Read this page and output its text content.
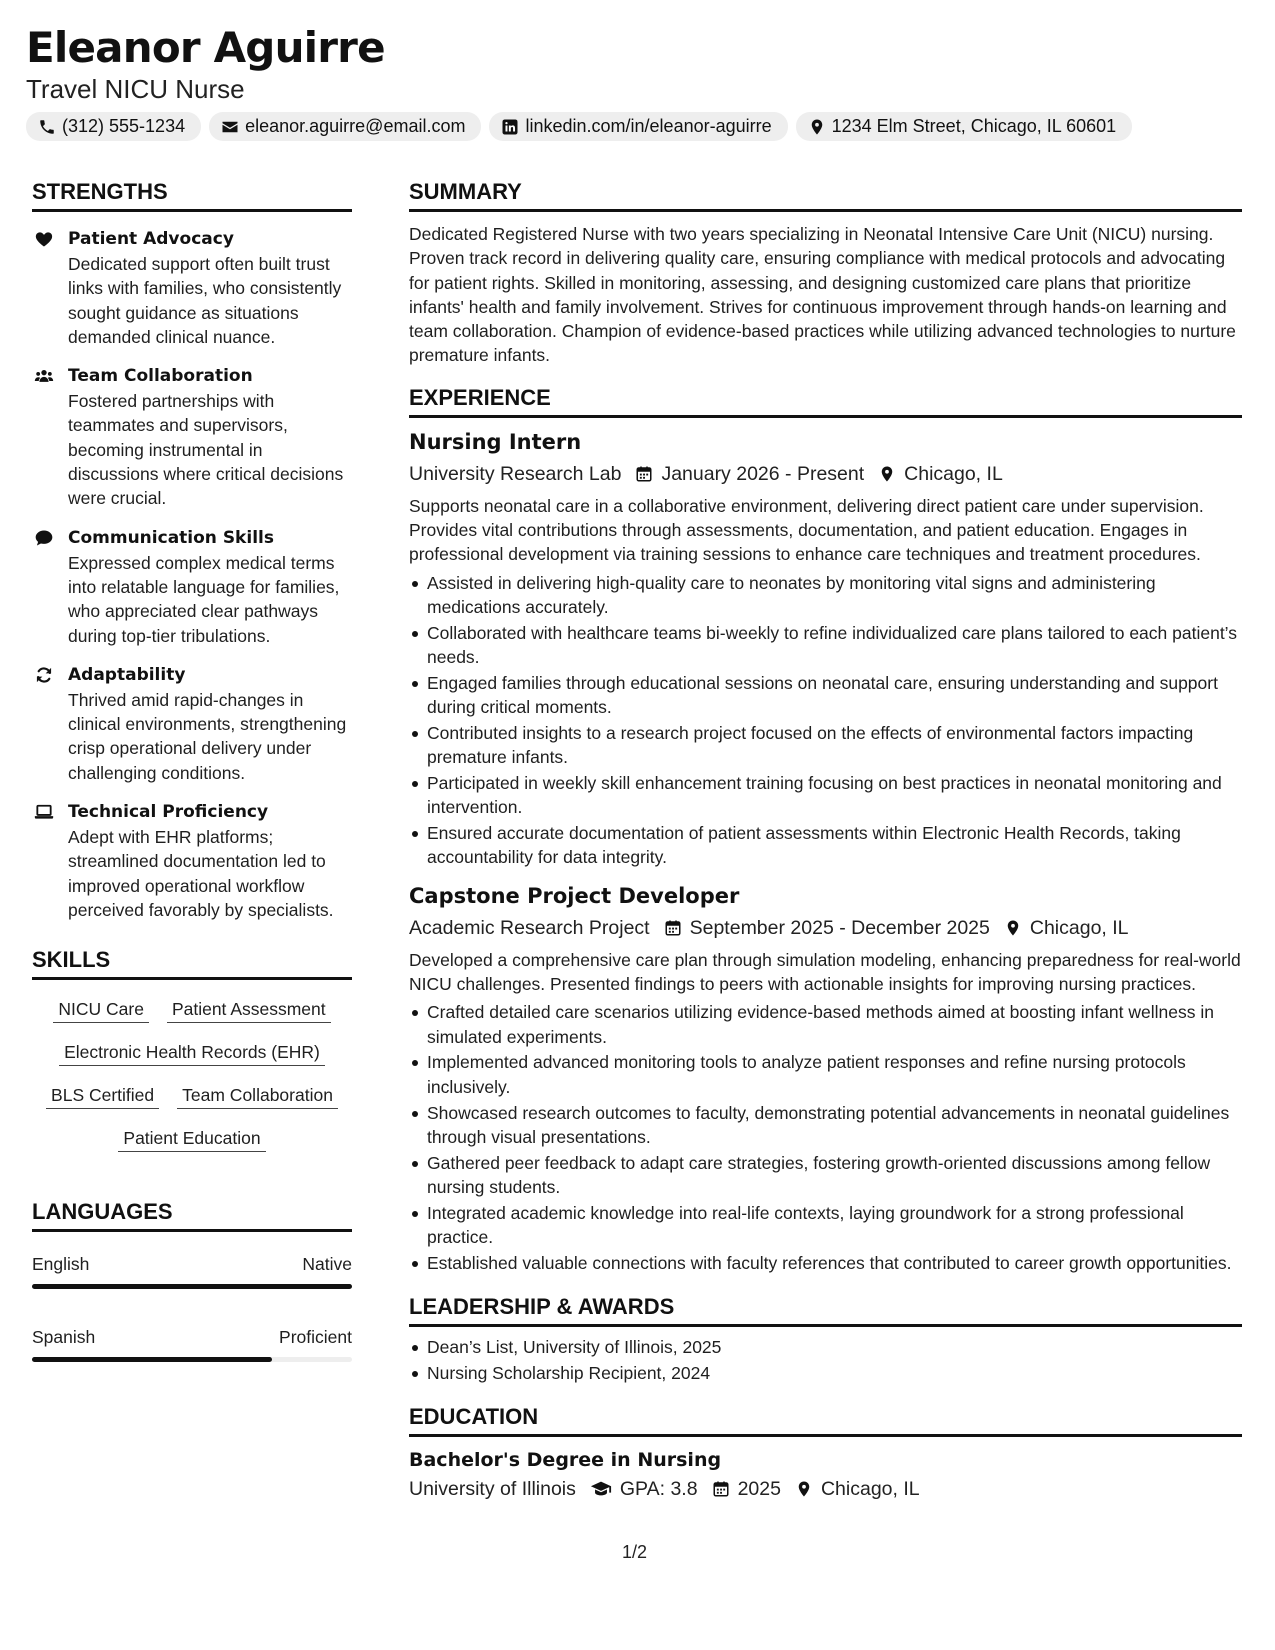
Eleanor Aguirre
Travel NICU Nurse
(312) 555-1234	eleanor.aguirre@email.com	linkedin.com/in/eleanor-aguirre	1234 Elm Street, Chicago, IL 60601
STRENGTHS
Patient Advocacy
Dedicated support often built trust links with families, who consistently sought guidance as situations demanded clinical nuance.
Team Collaboration
Fostered partnerships with teammates and supervisors, becoming instrumental in discussions where critical decisions were crucial.
Communication Skills
Expressed complex medical terms into relatable language for families, who appreciated clear pathways during top-tier tribulations.
Adaptability
Thrived amid rapid-changes in clinical environments, strengthening crisp operational delivery under challenging conditions.
Technical Proficiency
Adept with EHR platforms; streamlined documentation led to improved operational workflow perceived favorably by specialists.
SKILLS
NICU Care Patient Assessment
Electronic Health Records (EHR)
BLS Certified Team Collaboration
Patient Education
LANGUAGES
English	Native
Spanish	Proficient
SUMMARY
Dedicated Registered Nurse with two years specializing in Neonatal Intensive Care Unit (NICU) nursing. Proven track record in delivering quality care, ensuring compliance with medical protocols and advocating for patient rights. Skilled in monitoring, assessing, and designing customized care plans that prioritize infants' health and family involvement. Strives for continuous improvement through hands-on learning and team collaboration. Champion of evidence-based practices while utilizing advanced technologies to nurture premature infants.
EXPERIENCE
Nursing Intern
University Research Lab January 2026 - Present Chicago, IL
Supports neonatal care in a collaborative environment, delivering direct patient care under supervision. Provides vital contributions through assessments, documentation, and patient education. Engages in professional development via training sessions to enhance care techniques and treatment procedures.
Assisted in delivering high-quality care to neonates by monitoring vital signs and administering medications accurately.
Collaborated with healthcare teams bi-weekly to refine individualized care plans tailored to each patient’s needs.
Engaged families through educational sessions on neonatal care, ensuring understanding and support during critical moments.
Contributed insights to a research project focused on the effects of environmental factors impacting premature infants.
Participated in weekly skill enhancement training focusing on best practices in neonatal monitoring and intervention.
Ensured accurate documentation of patient assessments within Electronic Health Records, taking accountability for data integrity.
Capstone Project Developer
Academic Research Project September 2025 - December 2025 Chicago, IL
Developed a comprehensive care plan through simulation modeling, enhancing preparedness for real-world NICU challenges. Presented findings to peers with actionable insights for improving nursing practices.
Crafted detailed care scenarios utilizing evidence-based methods aimed at boosting infant wellness in simulated experiments.
Implemented advanced monitoring tools to analyze patient responses and refine nursing protocols inclusively.
Showcased research outcomes to faculty, demonstrating potential advancements in neonatal guidelines through visual presentations.
Gathered peer feedback to adapt care strategies, fostering growth-oriented discussions among fellow nursing students.
Integrated academic knowledge into real-life contexts, laying groundwork for a strong professional practice.
Established valuable connections with faculty references that contributed to career growth opportunities.
LEADERSHIP & AWARDS
Dean’s List, University of Illinois, 2025
Nursing Scholarship Recipient, 2024
EDUCATION
Bachelor's Degree in Nursing
University of Illinois GPA: 3.8 2025 Chicago, IL
1/2
